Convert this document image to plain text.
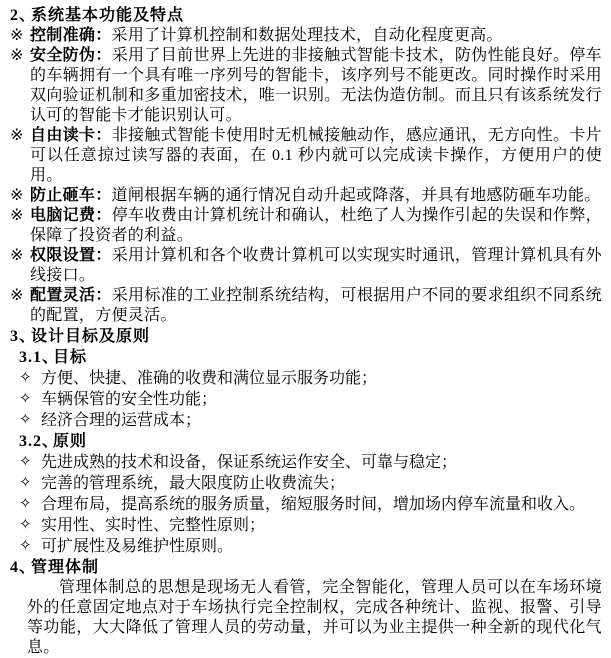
2、
系统基本功能及特点
※ 控制准确：采用了计算机控制和数据处理技术，自动化程度更高。
※ 安全防伪：采用了目前世界上先进的非接触式智能卡技术，防伪性能良好。停车的车辆拥有一个具有唯一序列号的智能卡，该序列号不能更改。同时操作时采用双向验证机制和多重加密技术，唯一识别。无法伪造仿制。而且只有该系统发行认可的智能卡才能识别认可。
※ 自由读卡：非接触式智能卡使用时无机械接触动作，感应通讯，无方向性。卡片可以任意掠过读写器的表面，在 0.1 秒内就可以完成读卡操作，方便用户的使用。
※ 防止砸车：道闸根据车辆的通行情况自动升起或降落，并具有地感防砸车功能。
※ 电脑记费：停车收费由计算机统计和确认，杜绝了人为操作引起的失误和作弊，保障了投资者的利益。
※ 权限设置：采用计算机和各个收费计算机可以实现实时通讯，管理计算机具有外线接口。
※ 配置灵活：采用标准的工业控制系统结构，可根据用户不同的要求组织不同系统的配置，方便灵活。
3、
设计目标及原则
3.1、
目标
✧ 方便、快捷、准确的收费和满位显示服务功能；
✧ 车辆保管的安全性功能；
✧ 经济合理的运营成本；
3.2、
原则
✧ 先进成熟的技术和设备，保证系统运作安全、可靠与稳定；
✧ 完善的管理系统，最大限度防止收费流失；
✧ 合理布局，提高系统的服务质量，缩短服务时间，增加场内停车流量和收入。
✧ 实用性、实时性、完整性原则；
✧ 可扩展性及易维护性原则。
4、
管理体制
管理体制总的思想是现场无人看管，完全智能化，管理人员可以在车场环境外的任意固定地点对于车场执行完全控制权，完成各种统计、监视、报警、引导等功能，大大降低了管理人员的劳动量，并可以为业主提供一种全新的现代化气息。
